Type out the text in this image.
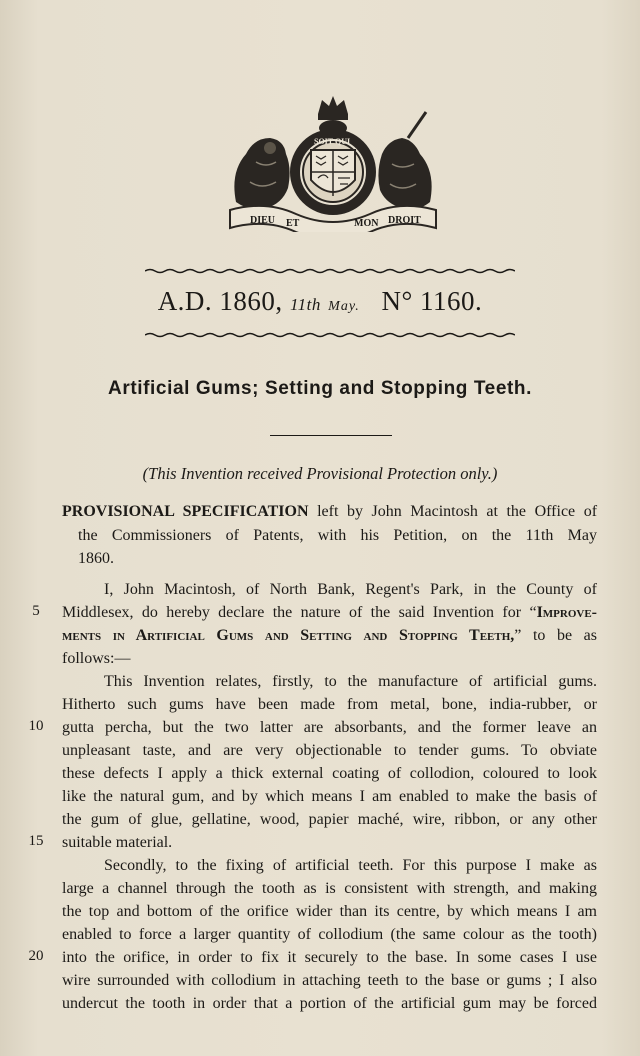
DIEU ET	MON DROIT
SOIT QUI
A.D. 1860, 11th May. N° 1160.
Artificial Gums; Setting and Stopping Teeth.
(This Invention received Provisional Protection only.)
PROVISIONAL SPECIFICATION left by John Macintosh at the Office of
the Commissioners of Patents, with his Petition, on the 11th May
1860.
I, John Macintosh, of North Bank, Regent's Park, in the County of
5	Middlesex, do hereby declare the nature of the said Invention for “Improve-
ments in Artificial Gums and Setting and Stopping Teeth,” to be as
follows:—
This Invention relates, firstly, to the manufacture of artificial gums.
Hitherto such gums have been made from metal, bone, india-rubber, or
10	gutta percha, but the two latter are absorbants, and the former leave an
unpleasant taste, and are very objectionable to tender gums. To obviate
these defects I apply a thick external coating of collodion, coloured to look
like the natural gum, and by which means I am enabled to make the basis of
the gum of glue, gellatine, wood, papier maché, wire, ribbon, or any other
15	suitable material.
Secondly, to the fixing of artificial teeth. For this purpose I make as
large a channel through the tooth as is consistent with strength, and making
the top and bottom of the orifice wider than its centre, by which means I am
enabled to force a larger quantity of collodium (the same colour as the tooth)
20	into the orifice, in order to fix it securely to the base. In some cases I use
wire surrounded with collodium in attaching teeth to the base or gums ; I also
undercut the tooth in order that a portion of the artificial gum may be forced
